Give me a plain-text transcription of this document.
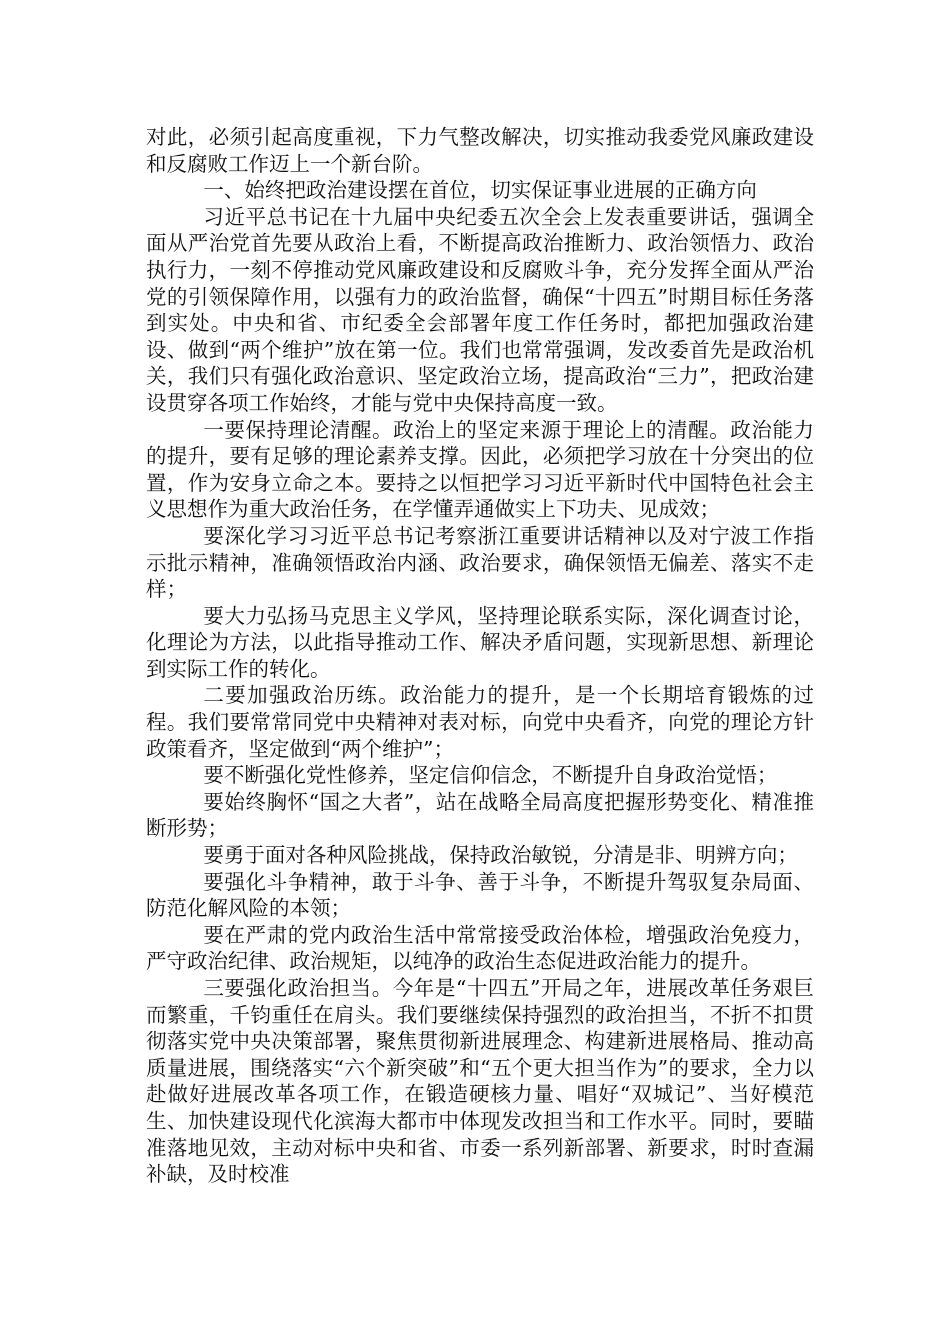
对此，必须引起高度重视，下力气整改解决，切实推动我委党风廉政建设和反腐败工作迈上一个新台阶。

一、始终把政治建设摆在首位，切实保证事业进展的正确方向

习近平总书记在十九届中央纪委五次全会上发表重要讲话，强调全面从严治党首先要从政治上看，不断提高政治推断力、政治领悟力、政治执行力，一刻不停推动党风廉政建设和反腐败斗争，充分发挥全面从严治党的引领保障作用，以强有力的政治监督，确保“十四五”时期目标任务落到实处。中央和省、市纪委全会部署年度工作任务时，都把加强政治建设、做到“两个维护”放在第一位。我们也常常强调，发改委首先是政治机关，我们只有强化政治意识、坚定政治立场，提高政治“三力”，把政治建设贯穿各项工作始终，才能与党中央保持高度一致。

一要保持理论清醒。政治上的坚定来源于理论上的清醒。政治能力的提升，要有足够的理论素养支撑。因此，必须把学习放在十分突出的位置，作为安身立命之本。要持之以恒把学习习近平新时代中国特色社会主义思想作为重大政治任务，在学懂弄通做实上下功夫、见成效；

要深化学习习近平总书记考察浙江重要讲话精神以及对宁波工作指示批示精神，准确领悟政治内涵、政治要求，确保领悟无偏差、落实不走样；

要大力弘扬马克思主义学风，坚持理论联系实际，深化调查讨论，化理论为方法，以此指导推动工作、解决矛盾问题，实现新思想、新理论到实际工作的转化。

二要加强政治历练。政治能力的提升，是一个长期培育锻炼的过程。我们要常常同党中央精神对表对标，向党中央看齐，向党的理论方针政策看齐，坚定做到“两个维护”；

要不断强化党性修养，坚定信仰信念，不断提升自身政治觉悟；

要始终胸怀“国之大者”，站在战略全局高度把握形势变化、精准推断形势；

要勇于面对各种风险挑战，保持政治敏锐，分清是非、明辨方向；

要强化斗争精神，敢于斗争、善于斗争，不断提升驾驭复杂局面、防范化解风险的本领；

要在严肃的党内政治生活中常常接受政治体检，增强政治免疫力，严守政治纪律、政治规矩，以纯净的政治生态促进政治能力的提升。

三要强化政治担当。今年是“十四五”开局之年，进展改革任务艰巨而繁重，千钧重任在肩头。我们要继续保持强烈的政治担当，不折不扣贯彻落实党中央决策部署，聚焦贯彻新进展理念、构建新进展格局、推动高质量进展，围绕落实“六个新突破”和“五个更大担当作为”的要求，全力以赴做好进展改革各项工作，在锻造硬核力量、唱好“双城记”、当好模范生、加快建设现代化滨海大都市中体现发改担当和工作水平。同时，要瞄准落地见效，主动对标中央和省、市委一系列新部署、新要求，时时查漏补缺，及时校准
